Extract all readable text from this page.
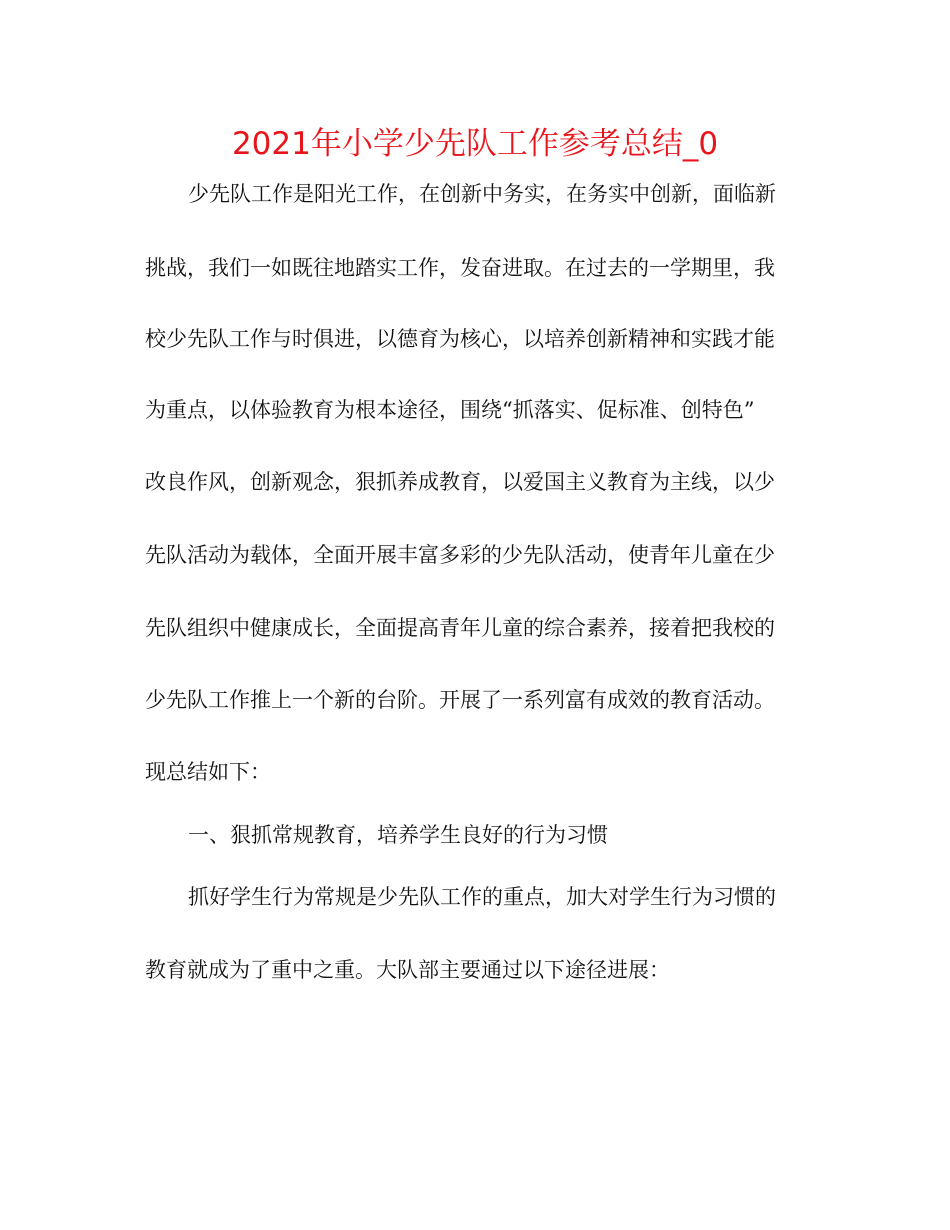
2021年小学少先队工作参考总结_0
少先队工作是阳光工作，在创新中务实，在务实中创新，面临新
挑战，我们一如既往地踏实工作，发奋进取。在过去的一学期里，我
校少先队工作与时俱进，以德育为核心，以培养创新精神和实践才能
为重点，以体验教育为根本途径，围绕“抓落实、促标准、创特色”
改良作风，创新观念，狠抓养成教育，以爱国主义教育为主线，以少
先队活动为载体，全面开展丰富多彩的少先队活动，使青年儿童在少
先队组织中健康成长，全面提高青年儿童的综合素养，接着把我校的
少先队工作推上一个新的台阶。开展了一系列富有成效的教育活动。
现总结如下：
一、狠抓常规教育，培养学生良好的行为习惯
抓好学生行为常规是少先队工作的重点，加大对学生行为习惯的
教育就成为了重中之重。大队部主要通过以下途径进展：
